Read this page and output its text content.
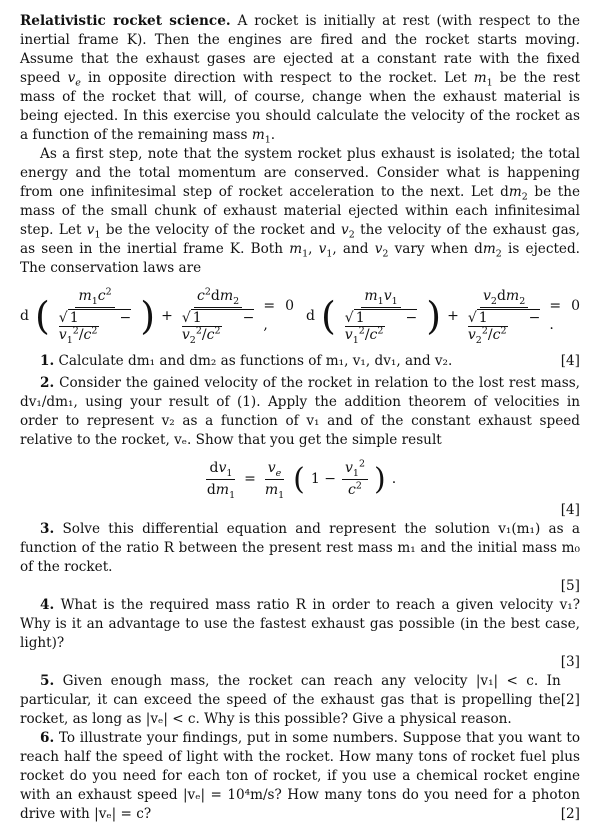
Relativistic rocket science. A rocket is initially at rest (with respect to the inertial frame K). Then the engines are fired and the rocket starts moving. Assume that the exhaust gases are ejected at a constant rate with the fixed speed $v_e$ in opposite direction with respect to the rocket. Let $m_1$ be the rest mass of the rocket that will, of course, change when the exhaust material is being ejected. In this exercise you should calculate the velocity of the rocket as a function of the remaining mass $m_1$.

As a first step, note that the system rocket plus exhaust is isolated; the total energy and the total momentum are conserved. Consider what is happening from one infinitesimal step of rocket acceleration to the next. Let $dm_2$ be the mass of the small chunk of exhaust material ejected within each infinitesimal step. Let $v_1$ be the velocity of the rocket and $v_2$ the velocity of the exhaust gas, as seen in the inertial frame K. Both $m_1$, $v_1$, and $v_2$ vary when $dm_2$ is ejected. The conservation laws are

d ( $\frac{m_1c^2}{√ 1 - v_1^2/c^2}$ ) + $\frac{c^2dm_2}{√ 1 - v_2^2/c^2} = 0$ ,
d ( $\frac{m_1v_1}{√ 1 - v_1^2/c^2}$ ) + $\frac{v_2dm_2}{√ 1 - v_2^2/c^2} = 0$ .

[4]
1. Calculate dm₁ and dm₂ as functions of m₁, v₁, dv₁, and v₂.

2. Consider the gained velocity of the rocket in relation to the lost rest mass, dv₁/dm₁, using your result of (1). Apply the addition theorem of velocities in order to represent v₂ as a function of v₁ and of the constant exhaust speed relative to the rocket, vₑ. Show that you get the simple result

$\frac{dv_1}{dm_1} = \frac{v_e}{m_1}$ ( $1 - \frac{v_1^2}{c^2}$ ) .
[4]

3. Solve this differential equation and represent the solution v₁(m₁) as a function of the ratio R between the present rest mass m₁ and the initial mass m₀ of the rocket.

[5]

4. What is the required mass ratio R in order to reach a given velocity v₁? Why is it an advantage to use the fastest exhaust gas possible (in the best case, light)?

[3]

[2]
5. Given enough mass, the rocket can reach any velocity |v₁| < c. In particular, it can exceed the speed of the exhaust gas that is propelling the rocket, as long as |vₑ| < c. Why is this possible? Give a physical reason.

6. To illustrate your findings, put in some numbers. Suppose that you want to reach half the speed of light with the rocket. How many tons of rocket fuel plus rocket do you need for each ton of rocket, if you use a chemical rocket engine with an exhaust speed |vₑ| = 10⁴m/s? How many tons do you need for a photon drive with |vₑ| = c?	[2]
